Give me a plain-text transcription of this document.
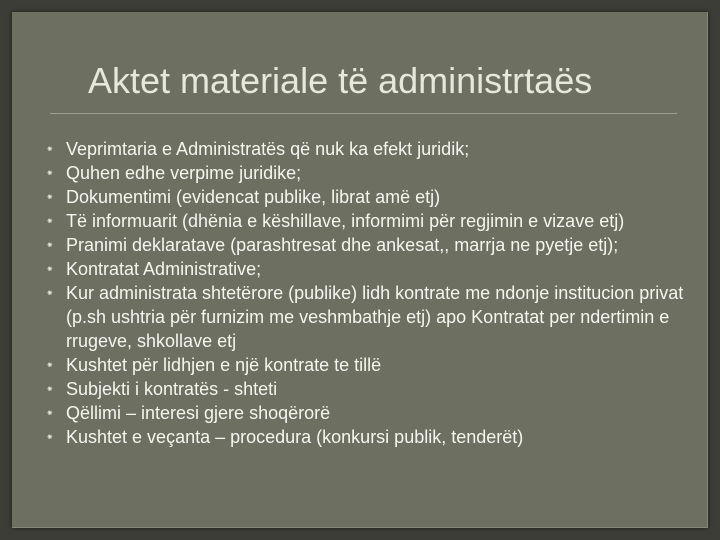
Aktet materiale të administrtaës
⁕ Veprimtaria e Administratës që nuk ka efekt juridik;
⁕ Quhen edhe verpime juridike;
⁕ Dokumentimi (evidencat publike, librat amë etj)
⁕ Të informuarit (dhënia e këshillave, informimi për regjimin e vizave etj)
⁕ Pranimi deklaratave (parashtresat dhe ankesat,, marrja ne pyetje etj);
⁕ Kontratat Administrative;
⁕ Kur administrata shtetërore (publike) lidh kontrate me ndonje institucion privat (p.sh ushtria për furnizim me veshmbathje etj) apo Kontratat per ndertimin e rrugeve, shkollave etj
⁕ Kushtet për lidhjen e një kontrate te tillë
⁕ Subjekti i kontratës - shteti
⁕ Qëllimi – interesi gjere shoqërorë
⁕ Kushtet e veçanta – procedura (konkursi publik, tenderët)
